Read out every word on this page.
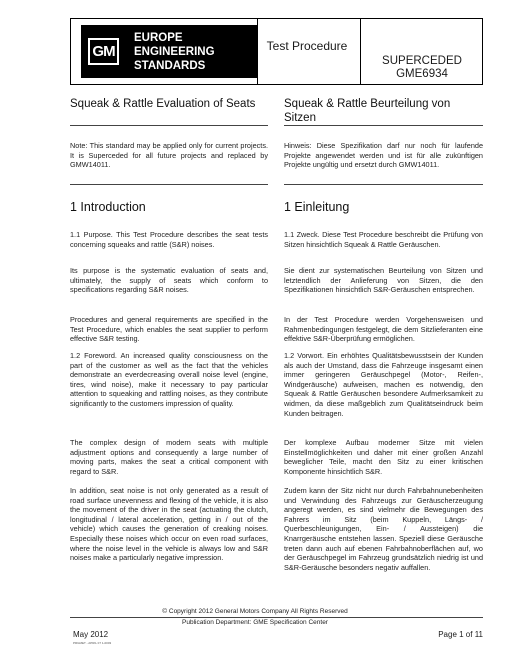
GM
EUROPE
ENGINEERING
STANDARDS
Test Procedure
SUPERCEDED
GME6934
Squeak & Rattle Evaluation of Seats

Note: This standard may be applied only for current projects. It is Superceded for all future projects and replaced by GMW14011.

1 Introduction

1.1 Purpose. This Test Procedure describes the seat tests concerning squeaks and rattle (S&R) noises.

Its purpose is the systematic evaluation of seats and, ultimately, the supply of seats which conform to specifications regarding S&R noises.

Procedures and general requirements are specified in the Test Procedure, which enables the seat supplier to perform effective S&R testing.

1.2 Foreword. An increased quality consciousness on the part of the customer as well as the fact that the vehicles demonstrate an everdecreasing overall noise level (engine, tires, wind noise), make it necessary to pay particular attention to squeaking and rattling noises, as they contribute significantly to the customers impression of quality.

The complex design of modern seats with multiple adjustment options and consequently a large number of moving parts, makes the seat a critical component with regard to S&R.

In addition, seat noise is not only generated as a result of road surface unevenness and flexing of the vehicle, it is also the movement of the driver in the seat (actuating the clutch, longitudinal / lateral acceleration, getting in / out of the vehicle) which causes the generation of creaking noises. Especially these noises which occur on even road surfaces, where the noise level in the vehicle is always low and S&R noises make a particularly negative impression.

Squeak & Rattle Beurteilung von Sitzen

Hinweis: Diese Spezifikation darf nur noch für laufende Projekte angewendet werden und ist für alle zukünftigen Projekte ungültig und ersetzt durch GMW14011.

1 Einleitung

1.1 Zweck. Diese Test Procedure beschreibt die Prüfung von Sitzen hinsichtlich Squeak & Rattle Geräuschen.

Sie dient zur systematischen Beurteilung von Sitzen und letztendlich der Anlieferung von Sitzen, die den Spezifikationen hinsichtlich S&R-Geräuschen entsprechen.

In der Test Procedure werden Vorgehensweisen und Rahmenbedingungen festgelegt, die dem Sitzlieferanten eine effektive S&R-Überprüfung ermöglichen.

1.2 Vorwort. Ein erhöhtes Qualitätsbewusstsein der Kunden als auch der Umstand, dass die Fahrzeuge insgesamt einen immer geringeren Geräuschpegel (Motor-, Reifen-, Windgeräusche) aufweisen, machen es notwendig, den Squeak & Rattle Geräuschen besondere Aufmerksamkeit zu widmen, da diese maßgeblich zum Qualitätseindruck beim Kunden beitragen.

Der komplexe Aufbau moderner Sitze mit vielen Einstellmöglichkeiten und daher mit einer großen Anzahl beweglicher Teile, macht den Sitz zu einer kritischen Komponente hinsichtlich S&R.

Zudem kann der Sitz nicht nur durch Fahrbahnunebenheiten und Verwindung des Fahrzeugs zur Geräuscherzeugung angeregt werden, es sind vielmehr die Bewegungen des Fahrers im Sitz (beim Kuppeln, Längs- / Querbeschleunigungen, Ein- / Aussteigen) die Knarrgeräusche entstehen lassen. Speziell diese Geräusche treten dann auch auf ebenen Fahrbahnoberflächen auf, wo der Geräuschpegel im Fahrzeug grundsätzlich niedrig ist und S&R-Geräusche besonders negativ auffallen.

© Copyright 2012 General Motors Company All Rights Reserved
Publication Department: GME Specification Center
May 2012
PRGMET - APRIL 07 1-0003
Page 1 of 11
